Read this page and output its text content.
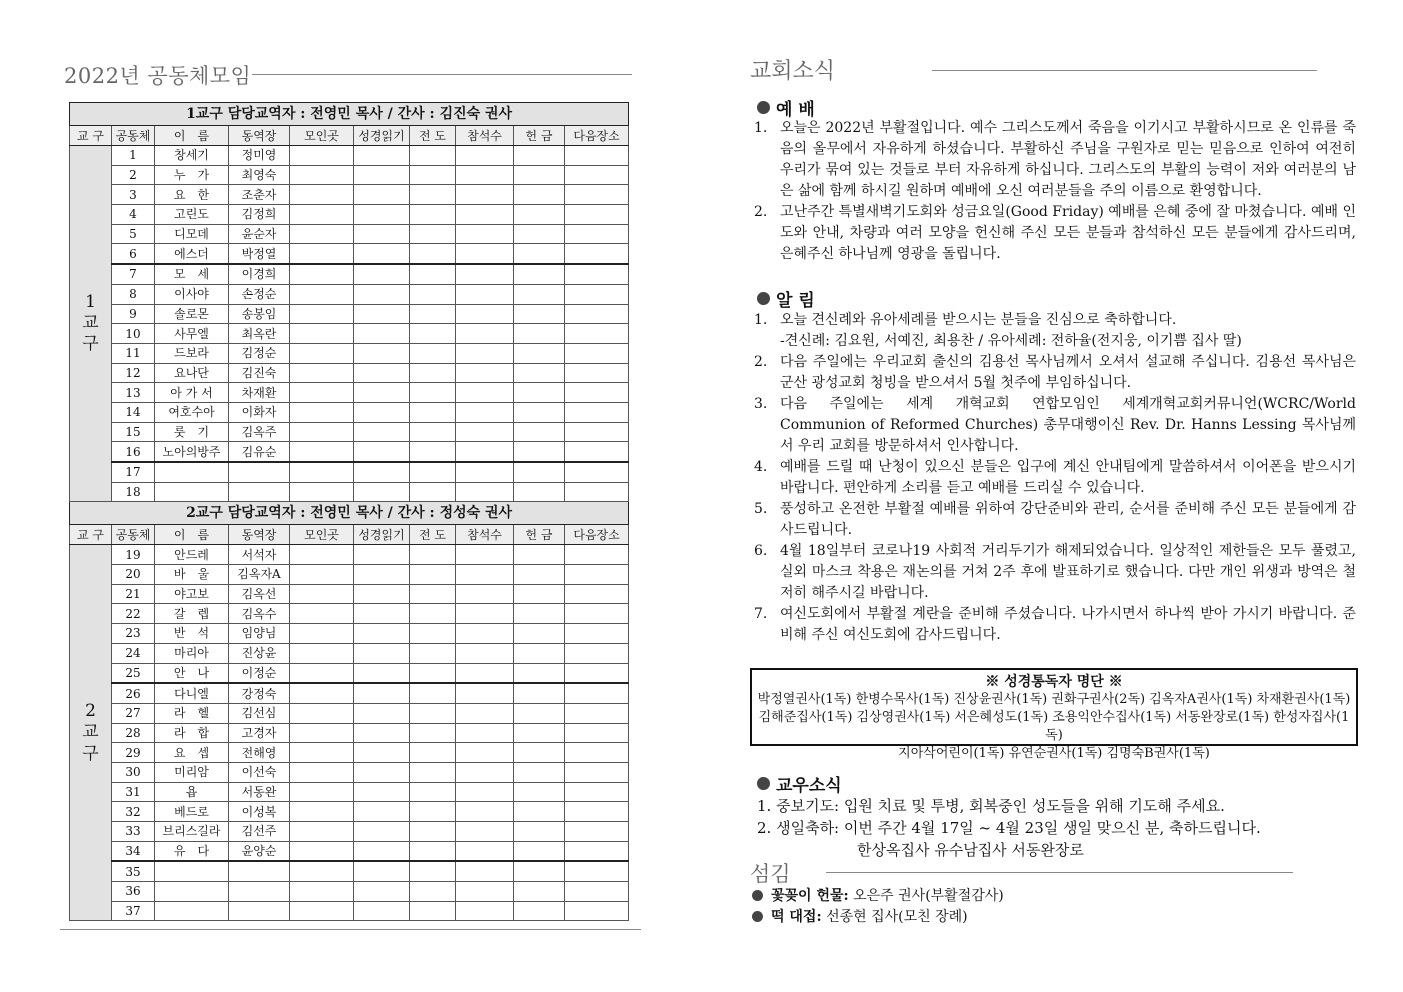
2022년 공동체모임
1교구 담당교역자 : 전영민 목사 / 간사 : 김진숙 권사									
교 구	공동체	이　름	동역장	모인곳	성경읽기	전 도	참석수	헌 금	다음장소

1
교
구	1	창세기	정미영						
	2	누　가	최영숙						
	3	요　한	조춘자						
	4	고린도	김정희						
	5	디모데	윤순자						
	6	에스더	박정열						
	7	모　세	이경희						
	8	이사야	손정순						
	9	솔로몬	송봉임						
	10	사무엘	최옥란						
	11	드보라	김정순						
	12	요나단	김진숙						
	13	아 가 서	차재환						
	14	여호수아	이화자						
	15	룻　기	김옥주						
	16	노아의방주	김유순						
	17								
	18								
2교구 담당교역자 : 전영민 목사 / 간사 : 정성숙 권사									
교 구	공동체	이　름	동역장	모인곳	성경읽기	전 도	참석수	헌 금	다음장소

2
교
구	19	안드레	서석자						
	20	바　울	김옥자A						
	21	야고보	김옥선						
	22	갈　렙	김옥수						
	23	반　석	임양님						
	24	마리아	진상윤						
	25	안　나	이정순						
	26	다니엘	강정숙						
	27	라　헬	김선심						
	28	라　합	고경자						
	29	요　셉	전해영						
	30	미리암	이선숙						
	31	욥	서동완						
	32	베드로	이성복						
	33	브리스길라	김선주						
	34	유　다	윤양순						
	35								
	36								
	37								
교회소식
예 배
1. 오늘은 2022년 부활절입니다. 예수 그리스도께서 죽음을 이기시고 부활하시므로 온 인류를 죽음의 올무에서 자유하게 하셨습니다. 부활하신 주님을 구원자로 믿는 믿음으로 인하여 여전히 우리가 묶여 있는 것들로 부터 자유하게 하십니다. 그리스도의 부활의 능력이 저와 여러분의 남은 삶에 함께 하시길 원하며 예배에 오신 여러분들을 주의 이름으로 환영합니다.
2. 고난주간 특별새벽기도회와 성금요일(Good Friday) 예배를 은혜 중에 잘 마쳤습니다. 예배 인도와 안내, 차량과 여러 모양을 헌신해 주신 모든 분들과 참석하신 모든 분들에게 감사드리며, 은혜주신 하나님께 영광을 돌립니다.
알 림
1. 오늘 견신례와 유아세례를 받으시는 분들을 진심으로 축하합니다.
-견신례: 김요원, 서예진, 최용찬 / 유아세례: 전하율(전지웅, 이기쁨 집사 딸)
2. 다음 주일에는 우리교회 출신의 김용선 목사님께서 오셔서 설교해 주십니다. 김용선 목사님은 군산 광성교회 청빙을 받으셔서 5월 첫주에 부임하십니다.
3. 다음 주일에는 세계 개혁교회 연합모임인 세계개혁교회커뮤니언(WCRC/World Communion of Reformed Churches) 총무대행이신 Rev. Dr. Hanns Lessing 목사님께서 우리 교회를 방문하셔서 인사합니다.
4. 예배를 드릴 때 난청이 있으신 분들은 입구에 계신 안내팀에게 말씀하셔서 이어폰을 받으시기 바랍니다. 편안하게 소리를 듣고 예배를 드리실 수 있습니다.
5. 풍성하고 온전한 부활절 예배를 위하여 강단준비와 관리, 순서를 준비해 주신 모든 분들에게 감사드립니다.
6. 4월 18일부터 코로나19 사회적 거리두기가 해제되었습니다. 일상적인 제한들은 모두 풀렸고, 실외 마스크 착용은 재논의를 거쳐 2주 후에 발표하기로 했습니다. 다만 개인 위생과 방역은 철저히 해주시길 바랍니다.
7. 여신도회에서 부활절 계란을 준비해 주셨습니다. 나가시면서 하나씩 받아 가시기 바랍니다. 준비해 주신 여신도회에 감사드립니다.
※ 성경통독자 명단 ※
박정열권사(1독) 한병수목사(1독) 진상윤권사(1독) 권화구권사(2독) 김옥자A권사(1독) 차재환권사(1독)
김해준집사(1독) 김상영권사(1독) 서은혜성도(1독) 조용익안수집사(1독) 서동완장로(1독) 한성자집사(1독)
지아삭어린이(1독) 유연순권사(1독) 김명숙B권사(1독)
교우소식
1. 중보기도: 입원 치료 및 투병, 회복중인 성도들을 위해 기도해 주세요.
2. 생일축하: 이번 주간 4월 17일 ~ 4월 23일 생일 맞으신 분, 축하드립니다.
한상옥집사 유수남집사 서동완장로
섬김
꽃꽂이 헌물: 오은주 권사(부활절감사)
떡 대접: 선종현 집사(모친 장례)
